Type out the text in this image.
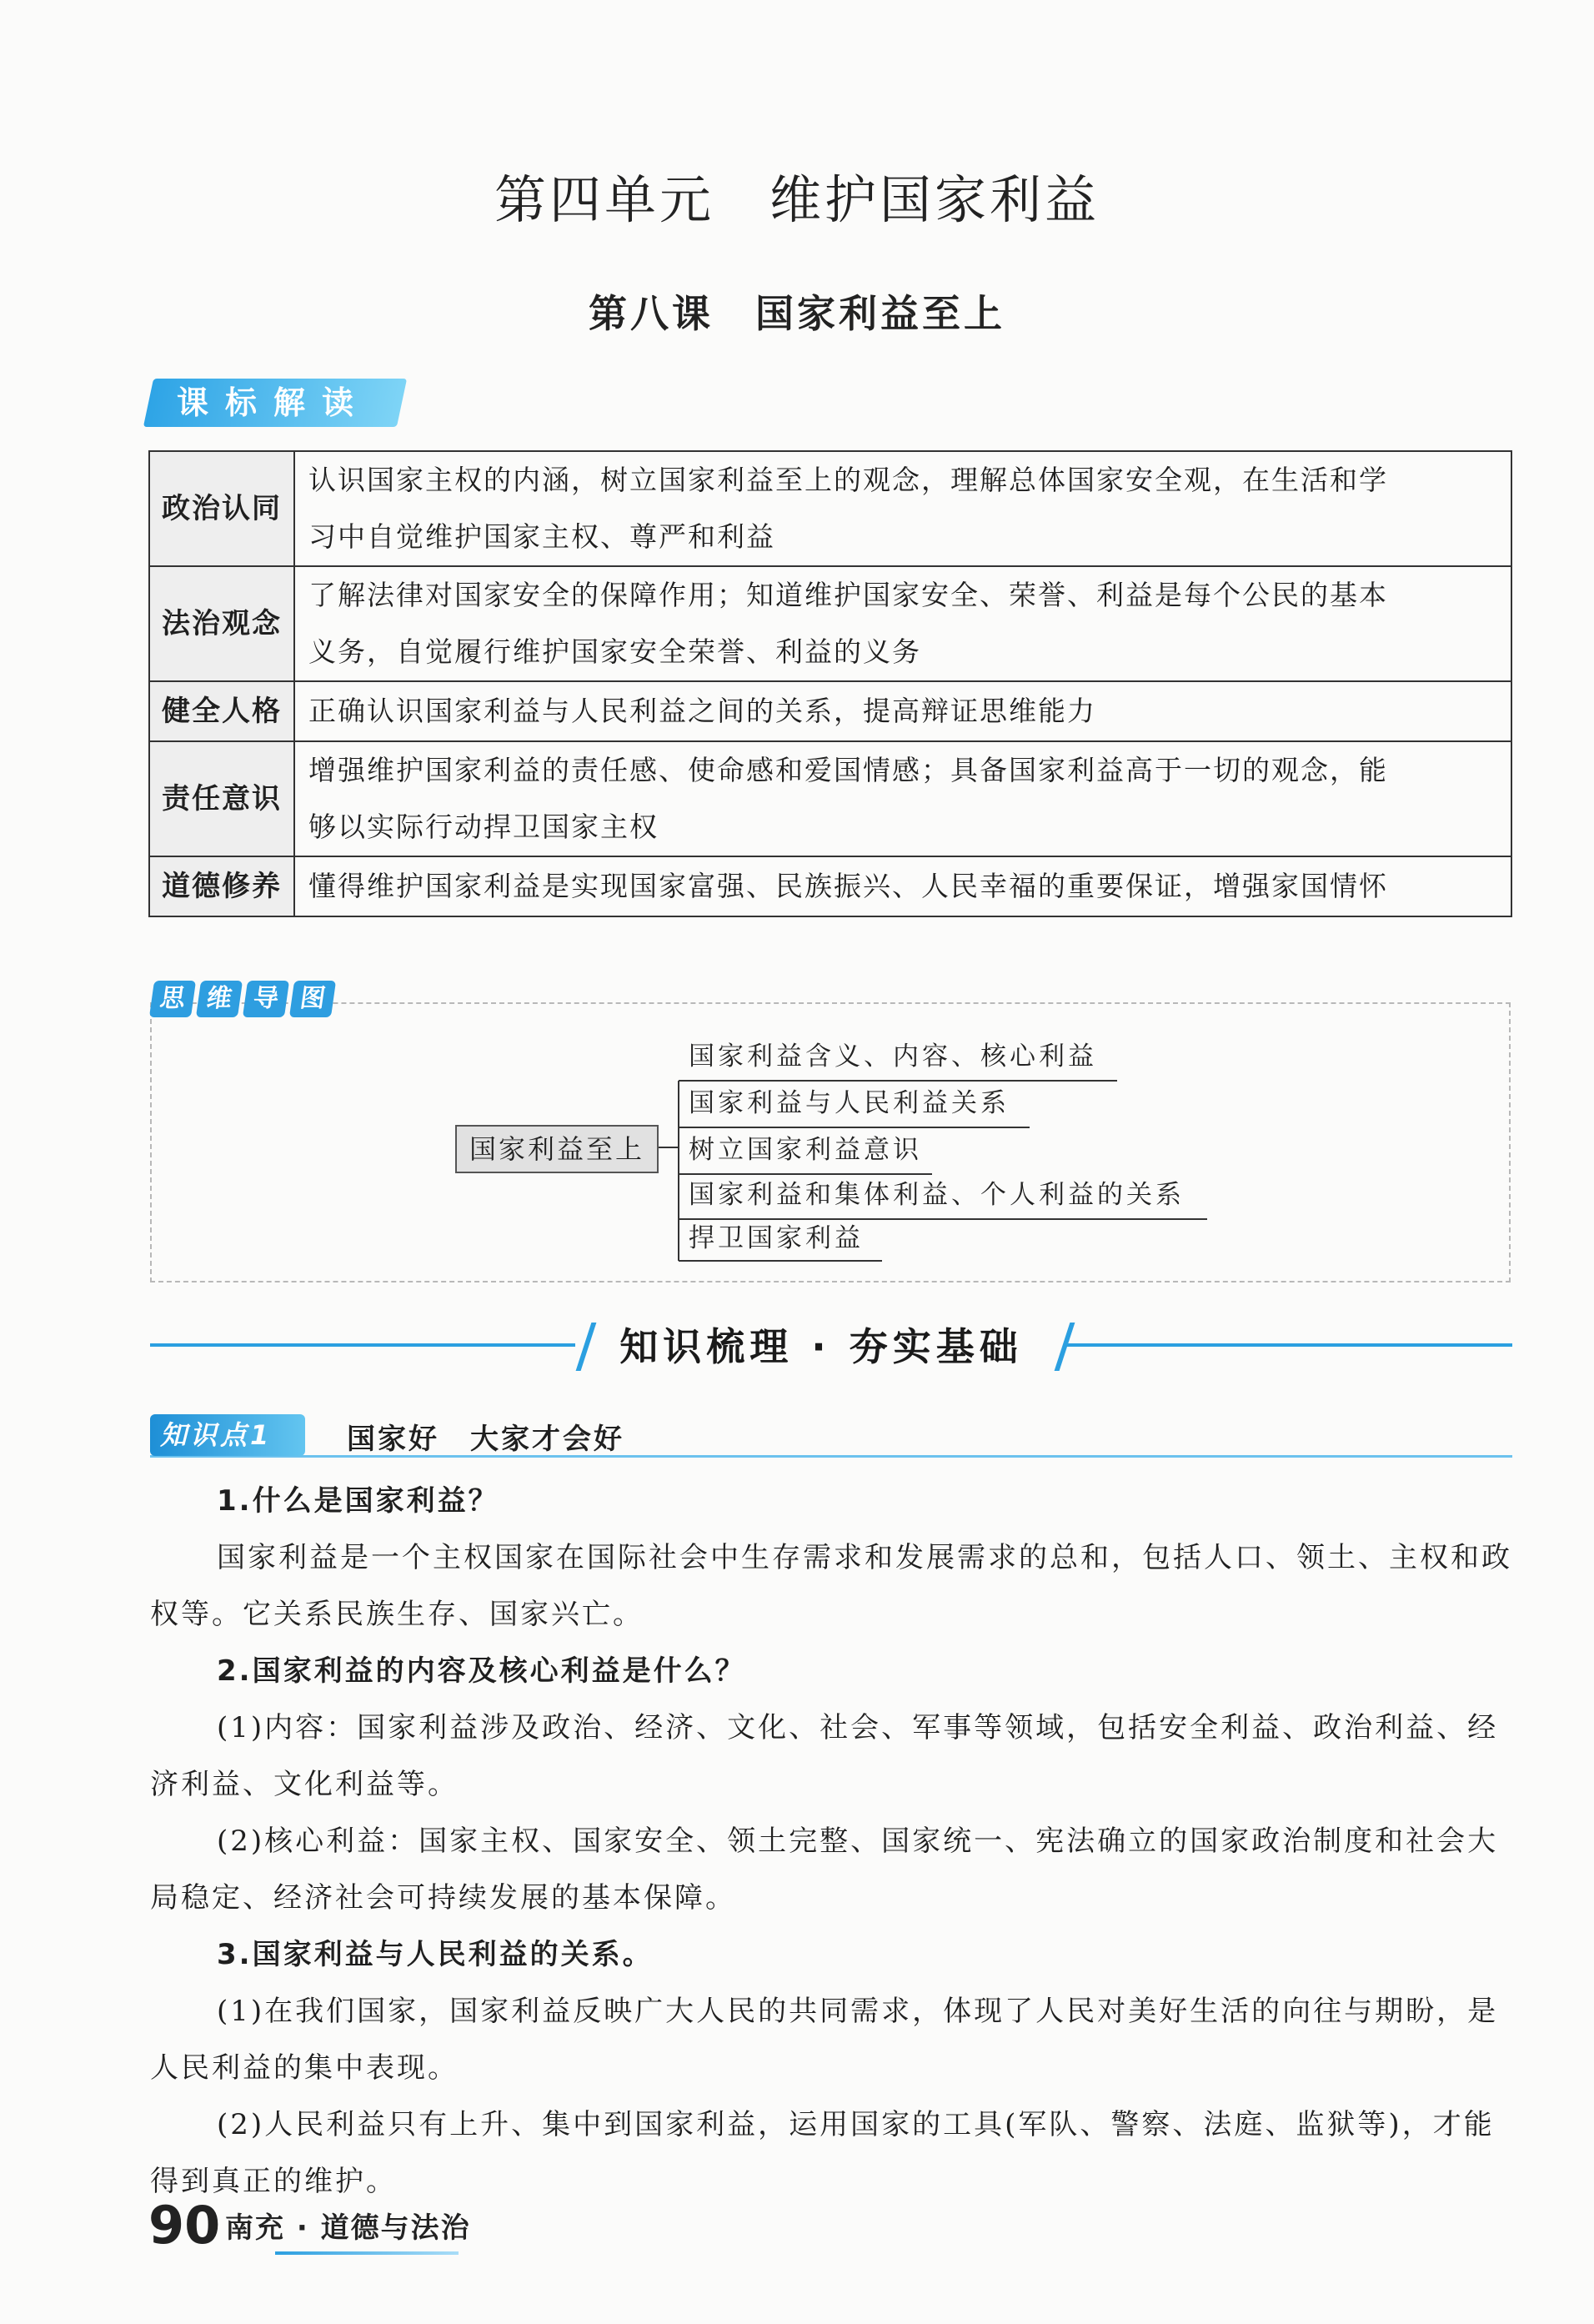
第四单元　维护国家利益
第八课　国家利益至上
课标解读
政治认同	认识国家主权的内涵，树立国家利益至上的观念，理解总体国家安全观，在生活和学
习中自觉维护国家主权、尊严和利益
法治观念	了解法律对国家安全的保障作用；知道维护国家安全、荣誉、利益是每个公民的基本
义务，自觉履行维护国家安全荣誉、利益的义务
健全人格	正确认识国家利益与人民利益之间的关系，提高辩证思维能力
责任意识	增强维护国家利益的责任感、使命感和爱国情感；具备国家利益高于一切的观念，能
够以实际行动捍卫国家主权
道德修养	懂得维护国家利益是实现国家富强、民族振兴、人民幸福的重要保证，增强家国情怀
思 维 导 图
国家利益至上
国家利益含义、内容、核心利益
国家利益与人民利益关系
树立国家利益意识
国家利益和集体利益、个人利益的关系
捍卫国家利益
知识梳理 · 夯实基础
知识点1	国家好　大家才会好
1.什么是国家利益？
国家利益是一个主权国家在国际社会中生存需求和发展需求的总和，包括人口、领土、主权和政权等。它关系民族生存、国家兴亡。
2.国家利益的内容及核心利益是什么？
(1)内容：国家利益涉及政治、经济、文化、社会、军事等领域，包括安全利益、政治利益、经济利益、文化利益等。
(2)核心利益：国家主权、国家安全、领土完整、国家统一、宪法确立的国家政治制度和社会大局稳定、经济社会可持续发展的基本保障。
3.国家利益与人民利益的关系。
(1)在我们国家，国家利益反映广大人民的共同需求，体现了人民对美好生活的向往与期盼，是人民利益的集中表现。
(2)人民利益只有上升、集中到国家利益，运用国家的工具(军队、警察、法庭、监狱等)，才能得到真正的维护。
90 南充 · 道德与法治
